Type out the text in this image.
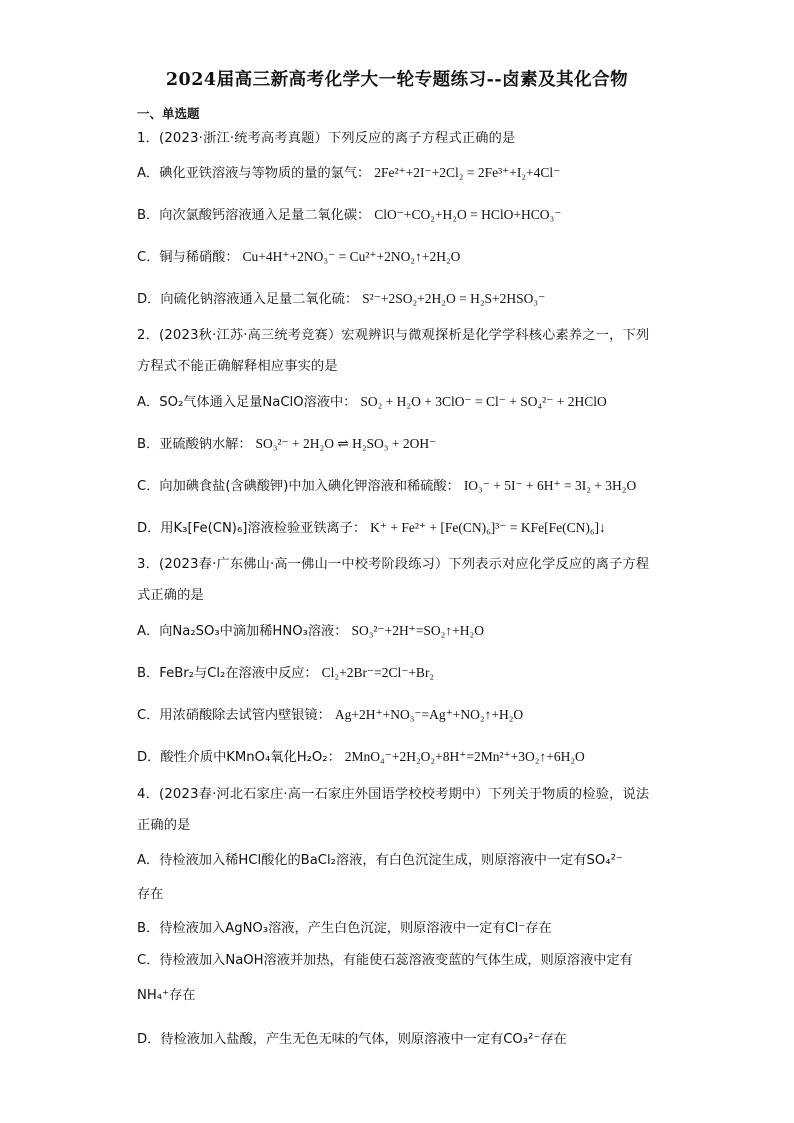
2024届高三新高考化学大一轮专题练习--卤素及其化合物
一、单选题
1．(2023·浙江·统考高考真题）下列反应的离子方程式正确的是
A．碘化亚铁溶液与等物质的量的氯气： 2Fe²⁺+2I⁻+2Cl₂ = 2Fe³⁺+I₂+4Cl⁻
B．向次氯酸钙溶液通入足量二氧化碳： ClO⁻+CO₂+H₂O = HClO+HCO₃⁻
C．铜与稀硝酸： Cu+4H⁺+2NO₃⁻ = Cu²⁺+2NO₂↑+2H₂O
D．向硫化钠溶液通入足量二氧化硫： S²⁻+2SO₂+2H₂O = H₂S+2HSO₃⁻
2．(2023秋·江苏·高三统考竞赛）宏观辨识与微观探析是化学学科核心素养之一，下列
方程式不能正确解释相应事实的是
A．SO₂气体通入足量NaClO溶液中： SO₂ + H₂O + 3ClO⁻ = Cl⁻ + SO₄²⁻ + 2HClO
B．亚硫酸钠水解： SO₃²⁻ + 2H₂O ⇌ H₂SO₃ + 2OH⁻
C．向加碘食盐(含碘酸钾)中加入碘化钾溶液和稀硫酸： IO₃⁻ + 5I⁻ + 6H⁺ = 3I₂ + 3H₂O
D．用K₃[Fe(CN)₆]溶液检验亚铁离子： K⁺ + Fe²⁺ + [Fe(CN)₆]³⁻ = KFe[Fe(CN)₆]↓
3．(2023春·广东佛山·高一佛山一中校考阶段练习）下列表示对应化学反应的离子方程
式正确的是
A．向Na₂SO₃中滴加稀HNO₃溶液： SO₃²⁻+2H⁺=SO₂↑+H₂O
B．FeBr₂与Cl₂在溶液中反应： Cl₂+2Br⁻=2Cl⁻+Br₂
C．用浓硝酸除去试管内壁银镜： Ag+2H⁺+NO₃⁻=Ag⁺+NO₂↑+H₂O
D．酸性介质中KMnO₄氧化H₂O₂： 2MnO₄⁻+2H₂O₂+8H⁺=2Mn²⁺+3O₂↑+6H₂O
4．(2023春·河北石家庄·高一石家庄外国语学校校考期中）下列关于物质的检验，说法
正确的是
A．待检液加入稀HCl酸化的BaCl₂溶液，有白色沉淀生成，则原溶液中一定有SO₄²⁻
存在
B．待检液加入AgNO₃溶液，产生白色沉淀，则原溶液中一定有Cl⁻存在
C．待检液加入NaOH溶液并加热，有能使石蕊溶液变蓝的气体生成，则原溶液中定有
NH₄⁺存在
D．待检液加入盐酸，产生无色无味的气体，则原溶液中一定有CO₃²⁻存在
